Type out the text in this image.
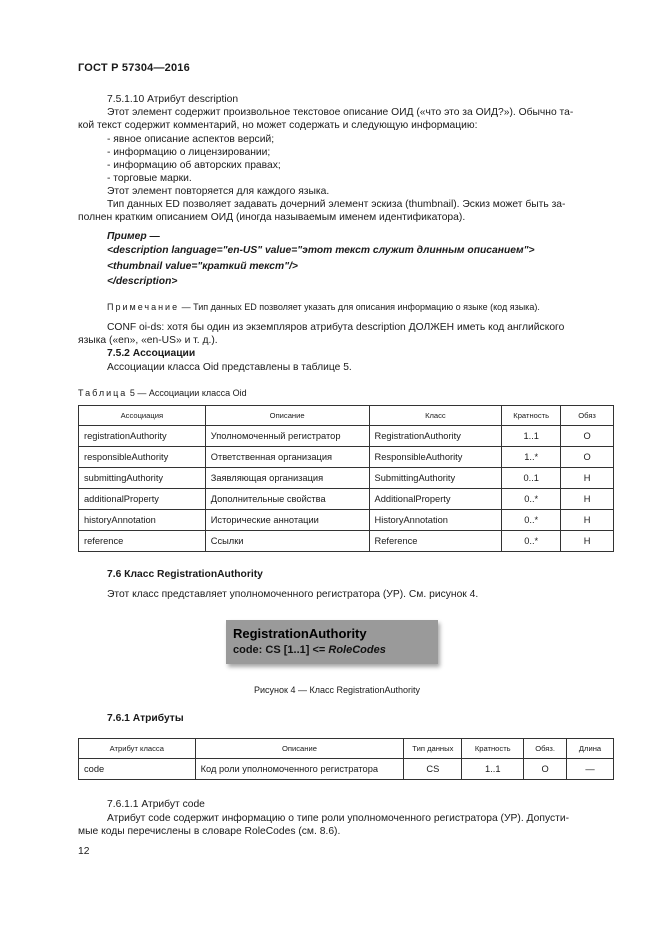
ГОСТ Р 57304—2016
7.5.1.10 Атрибут description
Этот элемент содержит произвольное текстовое описание ОИД («что это за ОИД?»). Обычно та-
кой текст содержит комментарий, но может содержать и следующую информацию:
- явное описание аспектов версий;
- информацию о лицензировании;
- информацию об авторских правах;
- торговые марки.
Этот элемент повторяется для каждого языка.
Тип данных ED позволяет задавать дочерний элемент эскиза (thumbnail). Эскиз может быть за-
полнен кратким описанием ОИД (иногда называемым именем идентификатора).
Пример —
<description language="en-US" value="этот текст служит длинным описанием">
<thumbnail value="краткий текст"/>
</description>
Примечание — Тип данных ED позволяет указать для описания информацию о языке (код языка).
CONF oi-ds: хотя бы один из экземпляров атрибута description ДОЛЖЕН иметь код английского
языка («en», «en-US» и т. д.).
7.5.2 Ассоциации
Ассоциации класса Oid представлены в таблице 5.
Таблица 5 — Ассоциации класса Oid
Ассоциация	Описание	Класс	Кратность	Обяз
registrationAuthority	Уполномоченный регистратор	RegistrationAuthority	1..1	О
responsibleAuthority	Ответственная организация	ResponsibleAuthority	1..*	О
submittingAuthority	Заявляющая организация	SubmittingAuthority	0..1	Н
additionalProperty	Дополнительные свойства	AdditionalProperty	0..*	Н
historyAnnotation	Исторические аннотации	HistoryAnnotation	0..*	Н
reference	Ссылки	Reference	0..*	Н
7.6 Класс RegistrationAuthority
Этот класс представляет уполномоченного регистратора (УР). См. рисунок 4.
RegistrationAuthority
code: CS [1..1] <= RoleCodes
Рисунок 4 — Класс RegistrationAuthority
7.6.1 Атрибуты
Атрибут класса	Описание	Тип данных	Кратность	Обяз.	Длина
code	Код роли уполномоченного регистратора	CS	1..1	О	—
7.6.1.1 Атрибут code
Атрибут code содержит информацию о типе роли уполномоченного регистратора (УР). Допусти-
мые коды перечислены в словаре RoleCodes (см. 8.6).
12
